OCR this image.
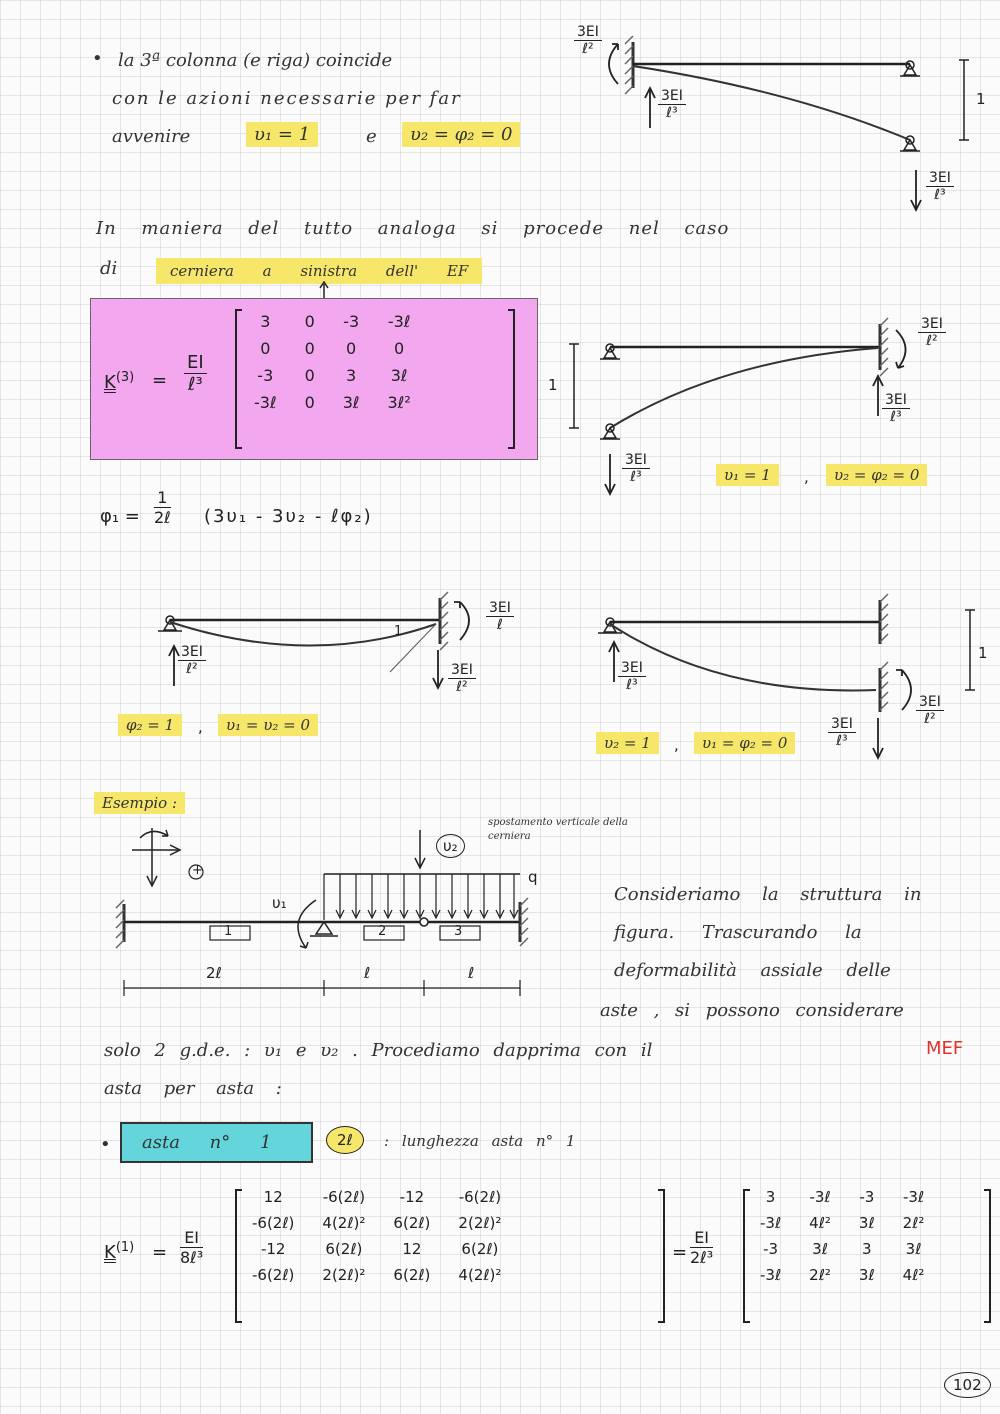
• la 3ª colonna (e riga) coincide
con le azioni necessarie per far
avvenire	υ₁ = 1	e	υ₂ = φ₂ = 0
3EI
ℓ²
3EI
ℓ³
3EI
ℓ³
1
In maniera del tutto analoga si procede nel caso
di	cerniera a sinistra dell' EF
$K^{(3)}$ =
EI
ℓ³
3	0	-3	-3ℓ
0	0	0	0
-3	0	3	3ℓ
-3ℓ	0	3ℓ	3ℓ²
3EI
ℓ²
3EI
ℓ³
3EI
ℓ³
1
υ₁ = 1	,	υ₂ = φ₂ = 0
φ₁ =
1
2ℓ (3υ₁ - 3υ₂ - ℓφ₂)
1
3EI
ℓ
3EI
ℓ²	3EI
ℓ²
φ₂ = 1	,	υ₁ = υ₂ = 0
1
3EI
ℓ³
3EI
ℓ²
3EI
ℓ³
υ₂ = 1	,	υ₁ = φ₂ = 0
Esempio :
+
υ₂
spostamento verticale della cerniera
υ₁
q
1	2	3
2ℓ	ℓ	ℓ
Consideriamo la struttura in
figura. Trascurando la
deformabilità assiale delle
aste , si possono considerare
solo 2 g.d.e. : υ₁ e υ₂ . Procediamo dapprima con il	MEF
asta per asta :
•	asta n° 1	2ℓ	: lunghezza asta n° 1
$K^{(1)}$ =
EI
8ℓ³
12	-6(2ℓ)	-12	-6(2ℓ)
-6(2ℓ)	4(2ℓ)²	6(2ℓ)	2(2ℓ)²
-12	6(2ℓ)	12	6(2ℓ)
-6(2ℓ)	2(2ℓ)²	6(2ℓ)	4(2ℓ)²
=
EI
2ℓ³
3	-3ℓ	-3	-3ℓ
-3ℓ	4ℓ²	3ℓ	2ℓ²
-3	3ℓ	3	3ℓ
-3ℓ	2ℓ²	3ℓ	4ℓ²
102
